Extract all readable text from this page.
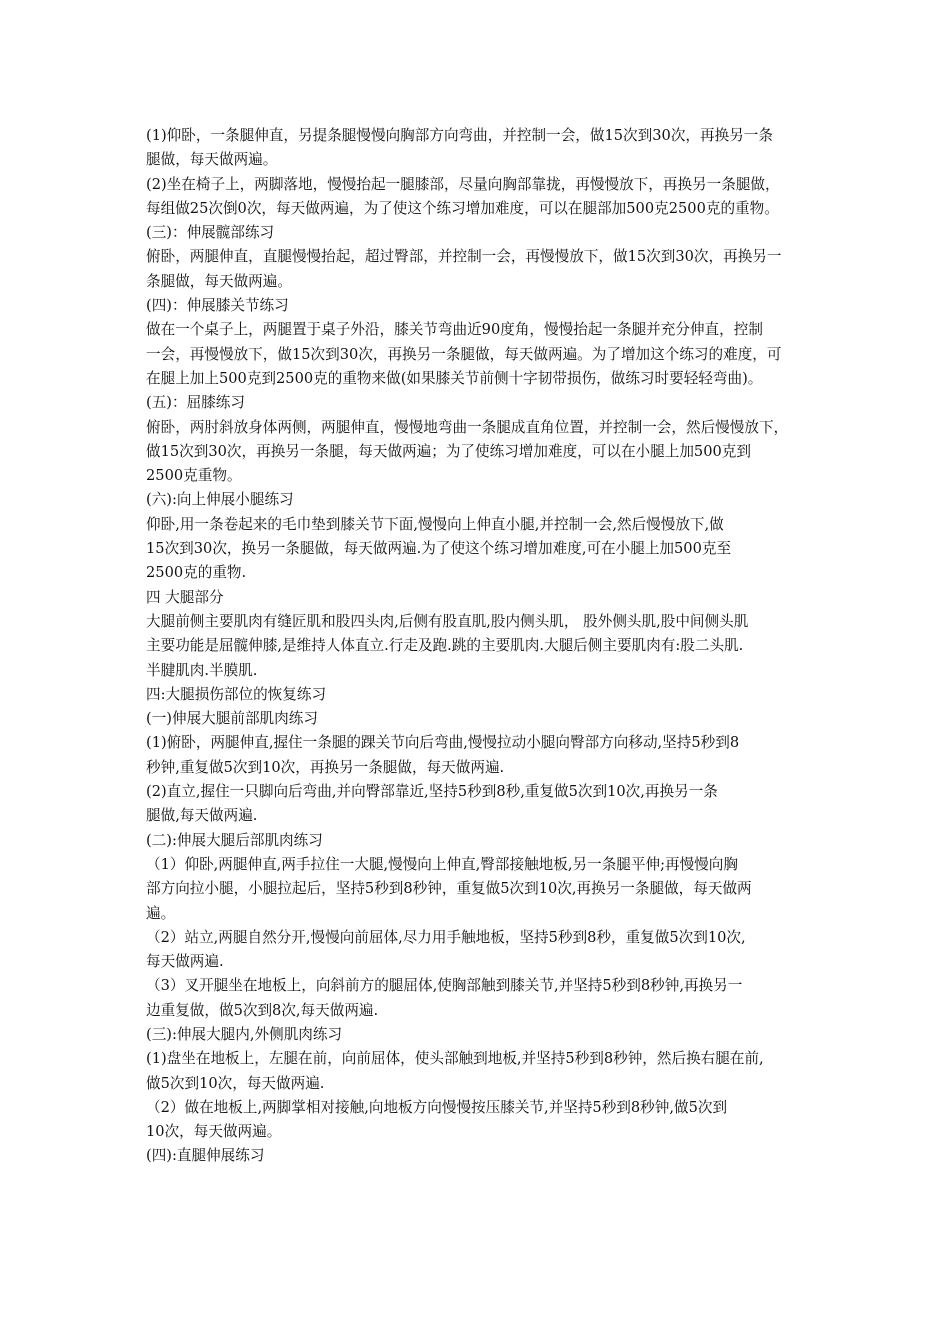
(1)仰卧，一条腿伸直，另提条腿慢慢向胸部方向弯曲，并控制一会，做15次到30次，再换另一条
腿做，每天做两遍。
(2)坐在椅子上，两脚落地，慢慢抬起一腿膝部，尽量向胸部靠拢，再慢慢放下，再换另一条腿做，
每组做25次倒0次，每天做两遍，为了使这个练习增加难度，可以在腿部加500克2500克的重物。
(三)：伸展髋部练习
俯卧，两腿伸直，直腿慢慢抬起，超过臀部，并控制一会，再慢慢放下，做15次到30次，再换另一
条腿做，每天做两遍。
(四)：伸展膝关节练习
做在一个桌子上，两腿置于桌子外沿，膝关节弯曲近90度角，慢慢抬起一条腿并充分伸直，控制
一会，再慢慢放下，做15次到30次，再换另一条腿做，每天做两遍。为了增加这个练习的难度，可
在腿上加上500克到2500克的重物来做(如果膝关节前侧十字韧带损伤，做练习时要轻轻弯曲)。
(五)：屈膝练习
俯卧，两肘斜放身体两侧，两腿伸直，慢慢地弯曲一条腿成直角位置，并控制一会，然后慢慢放下，
做15次到30次，再换另一条腿，每天做两遍；为了使练习增加难度，可以在小腿上加500克到
2500克重物。
(六):向上伸展小腿练习
仰卧,用一条卷起来的毛巾垫到膝关节下面,慢慢向上伸直小腿,并控制一会,然后慢慢放下,做
15次到30次，换另一条腿做，每天做两遍.为了使这个练习增加难度,可在小腿上加500克至
2500克的重物.
四 大腿部分
大腿前侧主要肌肉有缝匠肌和股四头肉,后侧有股直肌,股内侧头肌， 股外侧头肌,股中间侧头肌
主要功能是屈髋伸膝,是维持人体直立.行走及跑.跳的主要肌肉.大腿后侧主要肌肉有:股二头肌.
半腱肌肉.半膜肌.
四:大腿损伤部位的恢复练习
(一)伸展大腿前部肌肉练习
(1)俯卧，两腿伸直,握住一条腿的踝关节向后弯曲,慢慢拉动小腿向臀部方向移动,坚持5秒到8
秒钟,重复做5次到10次，再换另一条腿做，每天做两遍.
(2)直立,握住一只脚向后弯曲,并向臀部靠近,坚持5秒到8秒,重复做5次到10次,再换另一条
腿做,每天做两遍.
(二):伸展大腿后部肌肉练习
（1）仰卧,两腿伸直,两手拉住一大腿,慢慢向上伸直,臀部接触地板,另一条腿平伸;再慢慢向胸
部方向拉小腿，小腿拉起后，坚持5秒到8秒钟，重复做5次到10次,再换另一条腿做，每天做两
遍。
（2）站立,两腿自然分开,慢慢向前屈体,尽力用手触地板，坚持5秒到8秒，重复做5次到10次,
每天做两遍.
（3）叉开腿坐在地板上，向斜前方的腿屈体,使胸部触到膝关节,并坚持5秒到8秒钟,再换另一
边重复做，做5次到8次,每天做两遍.
(三):伸展大腿内,外侧肌肉练习
(1)盘坐在地板上，左腿在前，向前屈体，使头部触到地板,并坚持5秒到8秒钟，然后换右腿在前,
做5次到10次，每天做两遍.
（2）做在地板上,两脚掌相对接触,向地板方向慢慢按压膝关节,并坚持5秒到8秒钟,做5次到
10次，每天做两遍。
(四):直腿伸展练习
